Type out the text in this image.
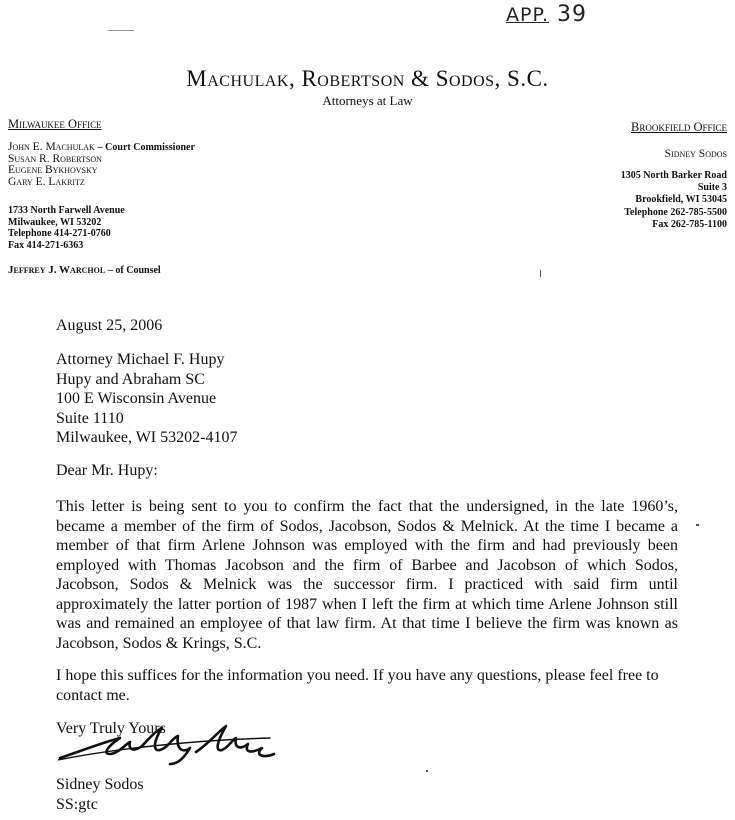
APP. 39
Machulak, Robertson & Sodos, S.C.
Attorneys at Law
Milwaukee Office
John E. Machulak – Court Commissioner
Susan R. Robertson
Eugene Bykhovsky
Gary E. Lakritz
1733 North Farwell Avenue
Milwaukee, WI 53202
Telephone 414-271-0760
Fax 414-271-6363
Jeffrey J. Warchol – of Counsel
Brookfield Office
Sidney Sodos
1305 North Barker Road
Suite 3
Brookfield, WI 53045
Telephone 262-785-5500
Fax 262-785-1100
August 25, 2006
Attorney Michael F. Hupy
Hupy and Abraham SC
100 E Wisconsin Avenue
Suite 1110
Milwaukee, WI 53202-4107
Dear Mr. Hupy:
This letter is being sent to you to confirm the fact that the undersigned, in the late 1960’s, became a member of the firm of Sodos, Jacobson, Sodos & Melnick. At the time I became a member of that firm Arlene Johnson was employed with the firm and had previously been employed with Thomas Jacobson and the firm of Barbee and Jacobson of which Sodos, Jacobson, Sodos & Melnick was the successor firm. I practiced with said firm until approximately the latter portion of 1987 when I left the firm at which time Arlene Johnson still was and remained an employee of that law firm. At that time I believe the firm was known as Jacobson, Sodos & Krings, S.C.
I hope this suffices for the information you need. If you have any questions, please feel free to contact me.
Very Truly Yours
Sidney Sodos
SS:gtc
